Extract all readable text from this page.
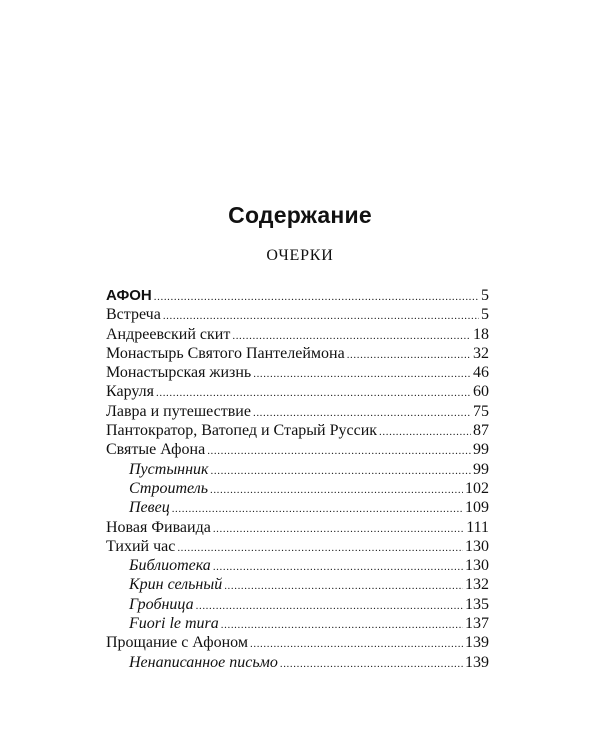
Содержание
ОЧЕРКИ
АФОН .....	5
Встреча .....	5
Андреевский скит .....	18
Монастырь Святого Пантелеймона .....	32
Монастырская жизнь .....	46
Каруля .....	60
Лавра и путешествие .....	75
Пантократор, Ватопед и Старый Руссик .....	87
Святые Афона .....	99
Пустынник .....	99
Строитель .....	102
Певец .....	109
Новая Фиваида .....	111
Тихий час .....	130
Библиотека .....	130
Крин сельный .....	132
Гробница .....	135
Fuori le mura .....	137
Прощание с Афоном .....	139
Ненаписанное письмо .....	139
